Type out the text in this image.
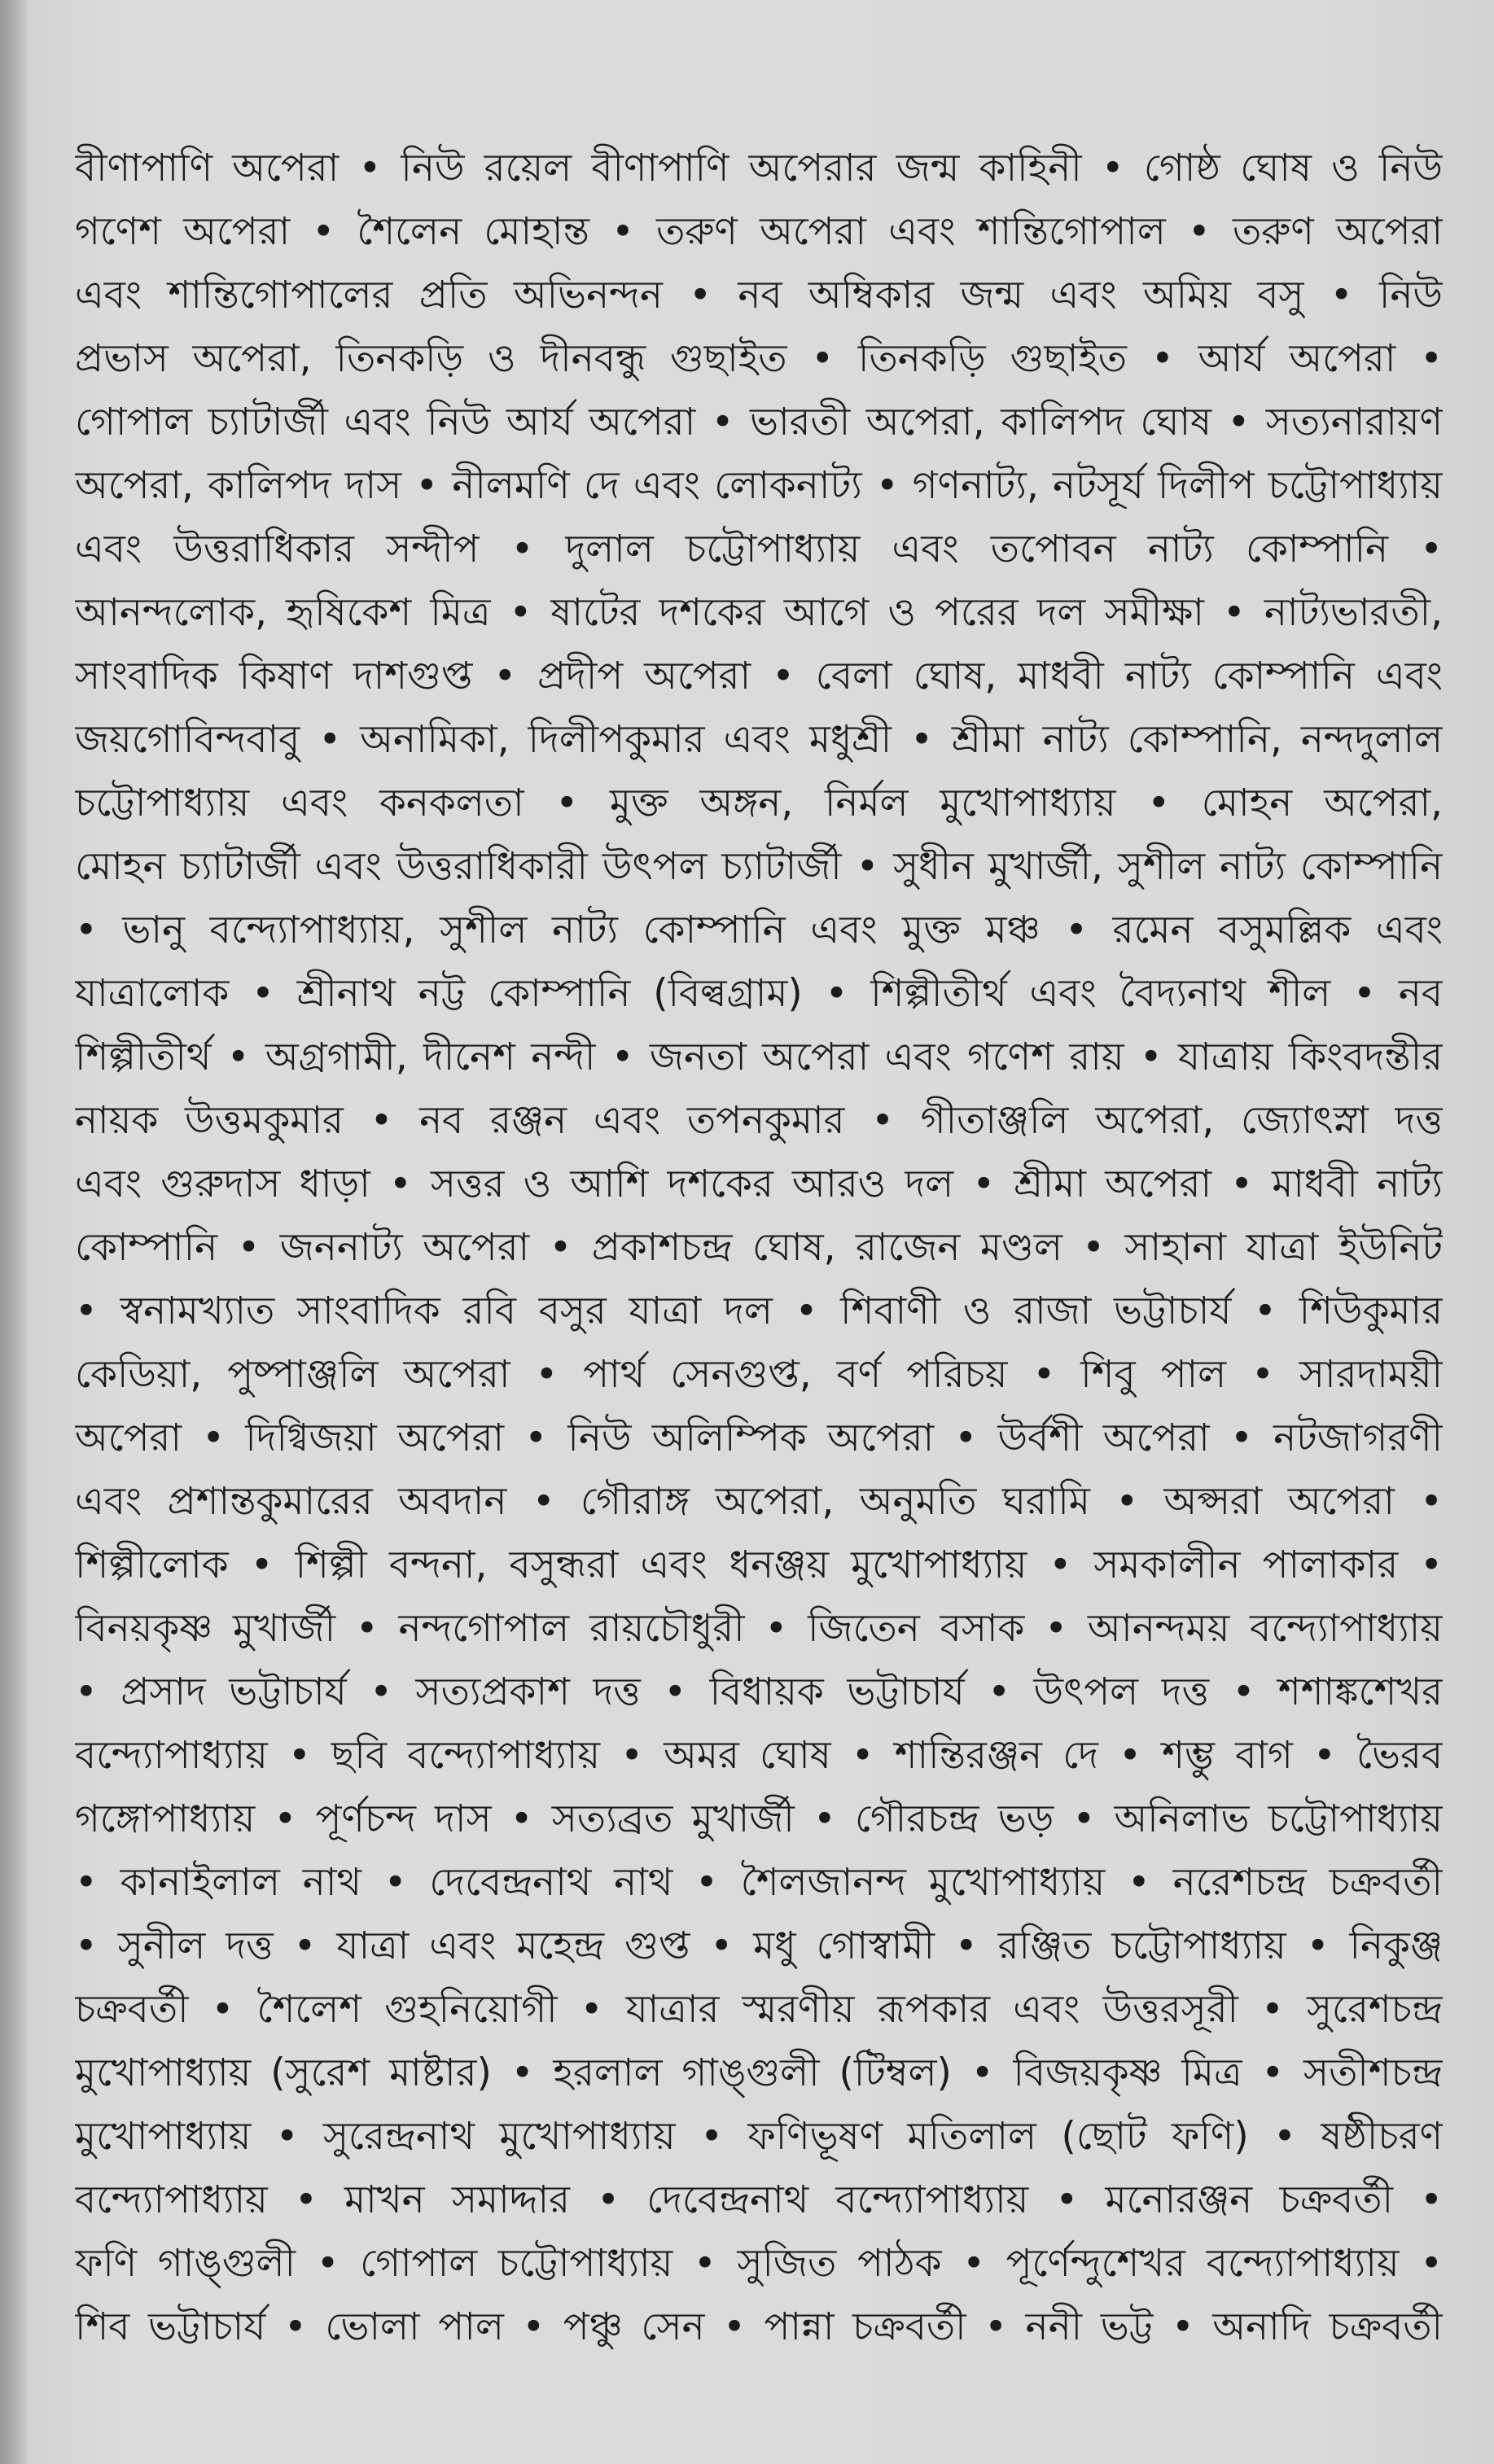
বীণাপাণি অপেরা • নিউ রয়েল বীণাপাণি অপেরার জন্ম কাহিনী • গোষ্ঠ ঘোষ ও নিউ
গণেশ অপেরা • শৈলেন মোহান্ত • তরুণ অপেরা এবং শান্তিগোপাল • তরুণ অপেরা
এবং শান্তিগোপালের প্রতি অভিনন্দন • নব অম্বিকার জন্ম এবং অমিয় বসু • নিউ
প্রভাস অপেরা, তিনকড়ি ও দীনবন্ধু গুছাইত • তিনকড়ি গুছাইত • আর্য অপেরা •
গোপাল চ্যাটার্জী এবং নিউ আর্য অপেরা • ভারতী অপেরা, কালিপদ ঘোষ • সত্যনারায়ণ
অপেরা, কালিপদ দাস • নীলমণি দে এবং লোকনাট্য • গণনাট্য, নটসূর্য দিলীপ চট্টোপাধ্যায়
এবং উত্তরাধিকার সন্দীপ • দুলাল চট্টোপাধ্যায় এবং তপোবন নাট্য কোম্পানি •
আনন্দলোক, হৃষিকেশ মিত্র • ষাটের দশকের আগে ও পরের দল সমীক্ষা • নাট্যভারতী,
সাংবাদিক কিষাণ দাশগুপ্ত • প্রদীপ অপেরা • বেলা ঘোষ, মাধবী নাট্য কোম্পানি এবং
জয়গোবিন্দবাবু • অনামিকা, দিলীপকুমার এবং মধুশ্রী • শ্রীমা নাট্য কোম্পানি, নন্দদুলাল
চট্টোপাধ্যায় এবং কনকলতা • মুক্ত অঙ্গন, নির্মল মুখোপাধ্যায় • মোহন অপেরা,
মোহন চ্যাটার্জী এবং উত্তরাধিকারী উৎপল চ্যাটার্জী • সুধীন মুখার্জী, সুশীল নাট্য কোম্পানি
• ভানু বন্দ্যোপাধ্যায়, সুশীল নাট্য কোম্পানি এবং মুক্ত মঞ্চ • রমেন বসুমল্লিক এবং
যাত্রালোক • শ্রীনাথ নট্ট কোম্পানি (বিল্বগ্রাম) • শিল্পীতীর্থ এবং বৈদ্যনাথ শীল • নব
শিল্পীতীর্থ • অগ্রগামী, দীনেশ নন্দী • জনতা অপেরা এবং গণেশ রায় • যাত্রায় কিংবদন্তীর
নায়ক উত্তমকুমার • নব রঞ্জন এবং তপনকুমার • গীতাঞ্জলি অপেরা, জ্যোৎস্না দত্ত
এবং গুরুদাস ধাড়া • সত্তর ও আশি দশকের আরও দল • শ্রীমা অপেরা • মাধবী নাট্য
কোম্পানি • জননাট্য অপেরা • প্রকাশচন্দ্র ঘোষ, রাজেন মণ্ডল • সাহানা যাত্রা ইউনিট
• স্বনামখ্যাত সাংবাদিক রবি বসুর যাত্রা দল • শিবাণী ও রাজা ভট্টাচার্য • শিউকুমার
কেডিয়া, পুষ্পাঞ্জলি অপেরা • পার্থ সেনগুপ্ত, বর্ণ পরিচয় • শিবু পাল • সারদাময়ী
অপেরা • দিগ্বিজয়া অপেরা • নিউ অলিম্পিক অপেরা • উর্বশী অপেরা • নটজাগরণী
এবং প্রশান্তকুমারের অবদান • গৌরাঙ্গ অপেরা, অনুমতি ঘরামি • অপ্সরা অপেরা •
শিল্পীলোক • শিল্পী বন্দনা, বসুন্ধরা এবং ধনঞ্জয় মুখোপাধ্যায় • সমকালীন পালাকার •
বিনয়কৃষ্ণ মুখার্জী • নন্দগোপাল রায়চৌধুরী • জিতেন বসাক • আনন্দময় বন্দ্যোপাধ্যায়
• প্রসাদ ভট্টাচার্য • সত্যপ্রকাশ দত্ত • বিধায়ক ভট্টাচার্য • উৎপল দত্ত • শশাঙ্কশেখর
বন্দ্যোপাধ্যায় • ছবি বন্দ্যোপাধ্যায় • অমর ঘোষ • শান্তিরঞ্জন দে • শম্ভু বাগ • ভৈরব
গঙ্গোপাধ্যায় • পূর্ণচন্দ দাস • সত্যব্রত মুখার্জী • গৌরচন্দ্র ভড় • অনিলাভ চট্টোপাধ্যায়
• কানাইলাল নাথ • দেবেন্দ্রনাথ নাথ • শৈলজানন্দ মুখোপাধ্যায় • নরেশচন্দ্র চক্রবর্তী
• সুনীল দত্ত • যাত্রা এবং মহেন্দ্র গুপ্ত • মধু গোস্বামী • রঞ্জিত চট্টোপাধ্যায় • নিকুঞ্জ
চক্রবর্তী • শৈলেশ গুহনিয়োগী • যাত্রার স্মরণীয় রূপকার এবং উত্তরসূরী • সুরেশচন্দ্র
মুখোপাধ্যায় (সুরেশ মাষ্টার) • হরলাল গাঙ্গুলী (টিম্বল) • বিজয়কৃষ্ণ মিত্র • সতীশচন্দ্র
মুখোপাধ্যায় • সুরেন্দ্রনাথ মুখোপাধ্যায় • ফণিভূষণ মতিলাল (ছোট ফণি) • ষষ্ঠীচরণ
বন্দ্যোপাধ্যায় • মাখন সমাদ্দার • দেবেন্দ্রনাথ বন্দ্যোপাধ্যায় • মনোরঞ্জন চক্রবর্তী •
ফণি গাঙ্গুলী • গোপাল চট্টোপাধ্যায় • সুজিত পাঠক • পূর্ণেন্দুশেখর বন্দ্যোপাধ্যায় •
শিব ভট্টাচার্য • ভোলা পাল • পঞ্চু সেন • পান্না চক্রবর্তী • ননী ভট্ট • অনাদি চক্রবর্তী
